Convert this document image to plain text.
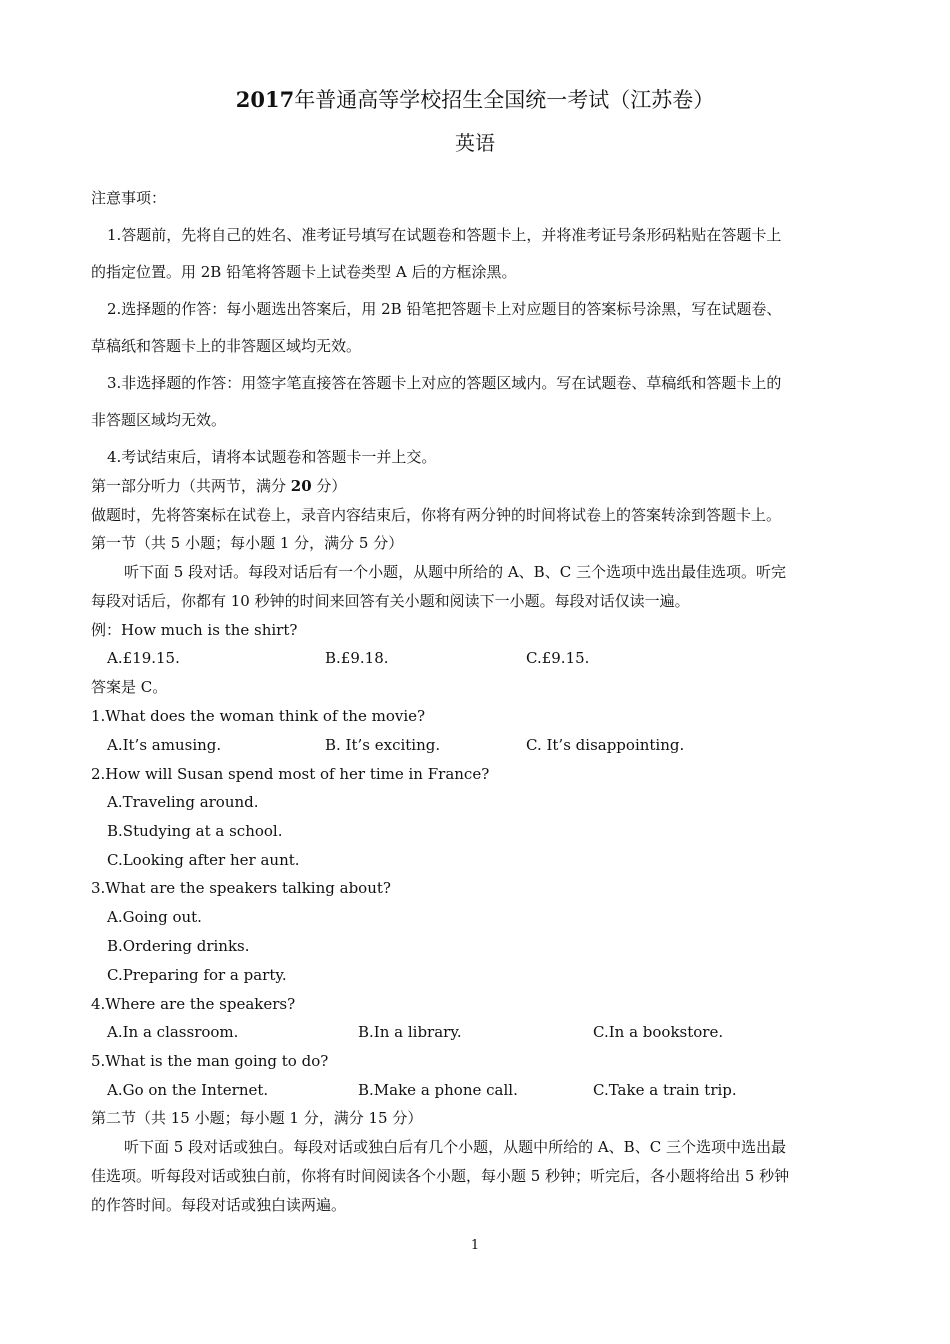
2017年普通高等学校招生全国统一考试（江苏卷）
英语
注意事项：
1.答题前，先将自己的姓名、准考证号填写在试题卷和答题卡上，并将准考证号条形码粘贴在答题卡上
的指定位置。用 2B 铅笔将答题卡上试卷类型 A 后的方框涂黑。
2.选择题的作答：每小题选出答案后，用 2B 铅笔把答题卡上对应题目的答案标号涂黑，写在试题卷、
草稿纸和答题卡上的非答题区域均无效。
3.非选择题的作答：用签字笔直接答在答题卡上对应的答题区域内。写在试题卷、草稿纸和答题卡上的
非答题区域均无效。
4.考试结束后，请将本试题卷和答题卡一并上交。
第一部分听力（共两节，满分 20 分）
做题时，先将答案标在试卷上，录音内容结束后，你将有两分钟的时间将试卷上的答案转涂到答题卡上。
第一节（共 5 小题；每小题 1 分，满分 5 分）
听下面 5 段对话。每段对话后有一个小题，从题中所给的 A、B、C 三个选项中选出最佳选项。听完
每段对话后，你都有 10 秒钟的时间来回答有关小题和阅读下一小题。每段对话仅读一遍。
例：How much is the shirt?
A.£19.15.	B.£9.18.	C.£9.15.
答案是 C。
1.What does the woman think of the movie?
A.It’s amusing.	B. It’s exciting.	C. It’s disappointing.
2.How will Susan spend most of her time in France?
A.Traveling around.
B.Studying at a school.
C.Looking after her aunt.
3.What are the speakers talking about?
A.Going out.
B.Ordering drinks.
C.Preparing for a party.
4.Where are the speakers?
A.In a classroom.	B.In a library.	C.In a bookstore.
5.What is the man going to do?
A.Go on the Internet.	B.Make a phone call.	C.Take a train trip.
第二节（共 15 小题；每小题 1 分，满分 15 分）
听下面 5 段对话或独白。每段对话或独白后有几个小题，从题中所给的 A、B、C 三个选项中选出最
佳选项。听每段对话或独白前，你将有时间阅读各个小题，每小题 5 秒钟；听完后，各小题将给出 5 秒钟
的作答时间。每段对话或独白读两遍。
1
